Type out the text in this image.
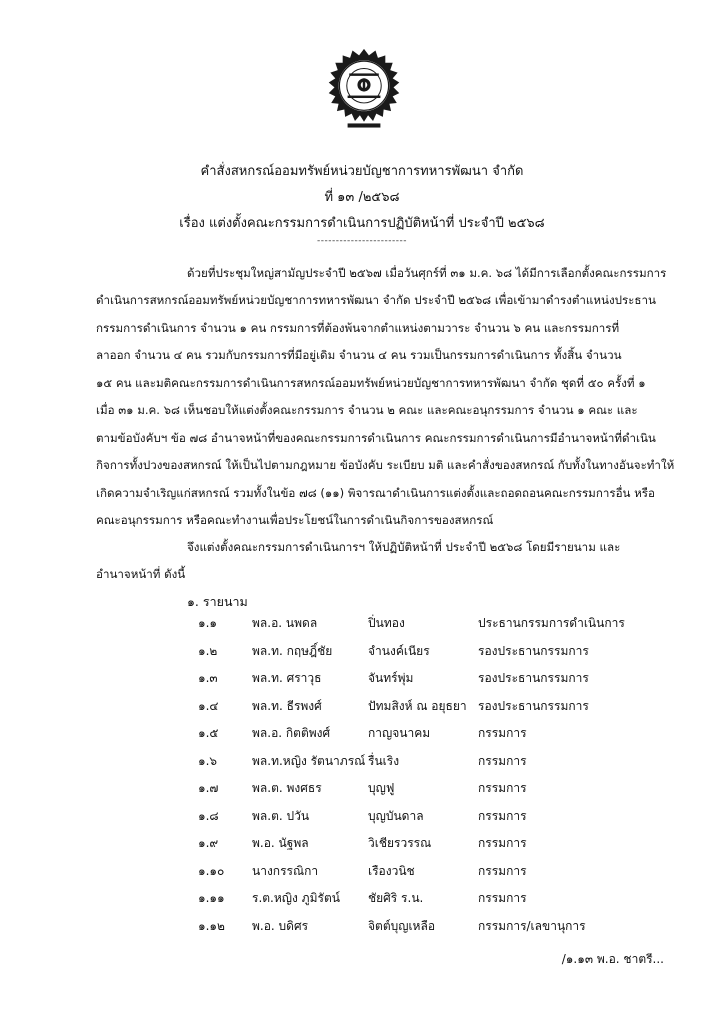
คำสั่งสหกรณ์ออมทรัพย์หน่วยบัญชาการทหารพัฒนา จำกัด
ที่ ๑๓ /๒๕๖๘
เรื่อง แต่งตั้งคณะกรรมการดำเนินการปฏิบัติหน้าที่ ประจำปี ๒๕๖๘
------------------------
ด้วยที่ประชุมใหญ่สามัญประจำปี ๒๕๖๗ เมื่อวันศุกร์ที่ ๓๑ ม.ค. ๖๘ ได้มีการเลือกตั้งคณะกรรมการ
ดำเนินการสหกรณ์ออมทรัพย์หน่วยบัญชาการทหารพัฒนา จำกัด ประจำปี ๒๕๖๘ เพื่อเข้ามาดำรงตำแหน่งประธาน
กรรมการดำเนินการ จำนวน ๑ คน กรรมการที่ต้องพ้นจากตำแหน่งตามวาระ จำนวน ๖ คน และกรรมการที่
ลาออก จำนวน ๔ คน รวมกับกรรมการที่มีอยู่เดิม จำนวน ๔ คน รวมเป็นกรรมการดำเนินการ ทั้งสิ้น จำนวน
๑๕ คน และมติคณะกรรมการดำเนินการสหกรณ์ออมทรัพย์หน่วยบัญชาการทหารพัฒนา จำกัด ชุดที่ ๕๐ ครั้งที่ ๑
เมื่อ ๓๑ ม.ค. ๖๘ เห็นชอบให้แต่งตั้งคณะกรรมการ จำนวน ๒ คณะ และคณะอนุกรรมการ จำนวน ๑ คณะ และ
ตามข้อบังคับฯ ข้อ ๗๘ อำนาจหน้าที่ของคณะกรรมการดำเนินการ คณะกรรมการดำเนินการมีอำนาจหน้าที่ดำเนิน
กิจการทั้งปวงของสหกรณ์ ให้เป็นไปตามกฎหมาย ข้อบังคับ ระเบียบ มติ และคำสั่งของสหกรณ์ กับทั้งในทางอันจะทำให้
เกิดความจำเริญแก่สหกรณ์ รวมทั้งในข้อ ๗๘ (๑๑) พิจารณาดำเนินการแต่งตั้งและถอดถอนคณะกรรมการอื่น หรือ
คณะอนุกรรมการ หรือคณะทำงานเพื่อประโยชน์ในการดำเนินกิจการของสหกรณ์
จึงแต่งตั้งคณะกรรมการดำเนินการฯ ให้ปฏิบัติหน้าที่ ประจำปี ๒๕๖๘ โดยมีรายนาม และ
อำนาจหน้าที่ ดังนี้
๑. รายนาม
๑.๑	พล.อ. นพดล	ปิ่นทอง	ประธานกรรมการดำเนินการ
๑.๒	พล.ท. กฤษฎิ์ชัย	จำนงค์เนียร	รองประธานกรรมการ
๑.๓	พล.ท. ศราวุธ	จันทร์พุ่ม	รองประธานกรรมการ
๑.๔	พล.ท. ธีรพงศ์	ปัทมสิงห์ ณ อยุธยา รองประธานกรรมการ
๑.๕	พล.อ. กิตติพงศ์	กาญจนาคม	กรรมการ
๑.๖	พล.ท.หญิง รัตนาภรณ์ รื่นเริง	กรรมการ
๑.๗	พล.ต. พงศธร	บุญฟู	กรรมการ
๑.๘	พล.ต. ปวัน	บุญบันดาล	กรรมการ
๑.๙	พ.อ. นัฐพล	วิเชียรวรรณ	กรรมการ
๑.๑๐ นางกรรณิกา	เรืองวนิช	กรรมการ
๑.๑๑ ร.ต.หญิง ภูมิรัตน์ ชัยศิริ ร.น.	กรรมการ
๑.๑๒ พ.อ. บดิศร	จิตต์บุญเหลือ	กรรมการ/เลขานุการ
/๑.๑๓ พ.อ. ชาตรี...
